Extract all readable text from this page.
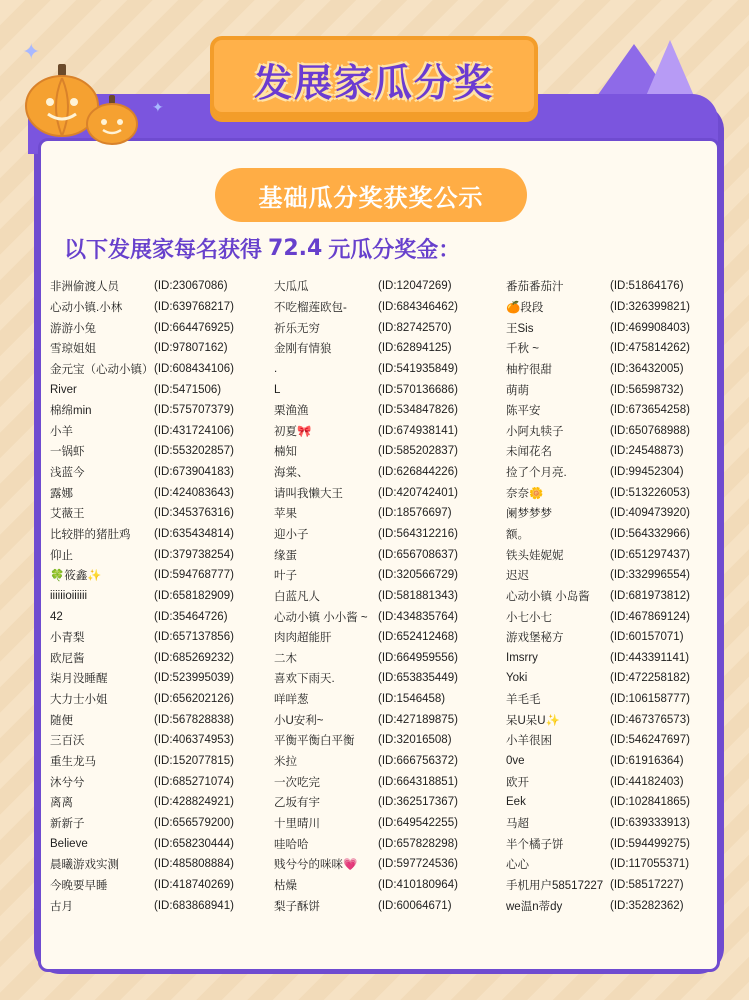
✦
✦
发展家瓜分奖
基础瓜分奖获奖公示
以下发展家每名获得 72.4 元瓜分奖金：
非洲偷渡人员	(ID:23067086)
心动小镇.小林	(ID:639768217)
游游小兔	(ID:664476925)
雪琼姐姐	(ID:97807162)
金元宝（心动小镇） (ID:608434106)
River	(ID:5471506)
棉绵min	(ID:575707379)
小羊	(ID:431724106)
一锅虾	(ID:553202857)
浅蓝今	(ID:673904183)
露娜	(ID:424083643)
艾薇王	(ID:345376316)
比较胖的猪肚鸡	(ID:635434814)
仰止	(ID:379738254)
🍀筱鑫✨	(ID:594768777)
iiiiiioiiiiii	(ID:658182909)
42	(ID:35464726)
小青梨	(ID:657137856)
欧尼酱	(ID:685269232)
柒月没睡醒	(ID:523995039)
大力士小姐	(ID:656202126)
随便	(ID:567828838)
三百沃	(ID:406374953)
重生龙马	(ID:152077815)
沐兮兮	(ID:685271074)
离离	(ID:428824921)
新新子	(ID:656579200)
Believe	(ID:658230444)
晨曦游戏实测	(ID:485808884)
今晚要早睡	(ID:418740269)
古月	(ID:683868941)
大瓜瓜	(ID:12047269)
不吃榴莲欧包-	(ID:684346462)
祈乐无穷	(ID:82742570)
金刚有情狼	(ID:62894125)
.	(ID:541935849)
L	(ID:570136686)
栗渔渔	(ID:534847826)
初夏🎀	(ID:674938141)
楠知	(ID:585202837)
海棠、	(ID:626844226)
请叫我懒大王	(ID:420742401)
苹果	(ID:18576697)
迎小子	(ID:564312216)
缘蛋	(ID:656708637)
叶子	(ID:320566729)
白蓝凡人	(ID:581881343)
心动小镇 小小酱 ~ (ID:434835764)
肉肉超能肝	(ID:652412468)
二木	(ID:664959556)
喜欢下雨天.	(ID:653835449)
咩咩葱	(ID:1546458)
小U安利~	(ID:427189875)
平衡平衡白平衡	(ID:32016508)
米拉	(ID:666756372)
一次吃完	(ID:664318851)
乙坂有宇	(ID:362517367)
十里晴川	(ID:649542255)
哇哈哈	(ID:657828298)
贱兮兮的咪咪💗	(ID:597724536)
枯燥	(ID:410180964)
梨子酥饼	(ID:60064671)
番茄番茄汁	(ID:51864176)
🍊段段	(ID:326399821)
王Sis	(ID:469908403)
千秋 ~	(ID:475814262)
柚柠很甜	(ID:36432005)
萌萌	(ID:56598732)
陈平安	(ID:673654258)
小阿丸犊子	(ID:650768988)
未闻花名	(ID:24548873)
捡了个月亮.	(ID:99452304)
奈奈🌼	(ID:513226053)
阑梦梦梦	(ID:409473920)
额。	(ID:564332966)
铁头娃妮妮	(ID:651297437)
迟迟	(ID:332996554)
心动小镇 小岛酱	(ID:681973812)
小七小七	(ID:467869124)
游戏堡秘方	(ID:60157071)
Imsrry	(ID:443391141)
Yoki	(ID:472258182)
羊毛毛	(ID:106158777)
呆U呆U✨	(ID:467376573)
小羊很困	(ID:546247697)
0ve	(ID:61916364)
欧开	(ID:44182403)
Eek	(ID:102841865)
马超	(ID:639333913)
半个橘子饼	(ID:594499275)
心心	(ID:117055371)
手机用户58517227 (ID:58517227)
we温n蒂dy	(ID:35282362)
